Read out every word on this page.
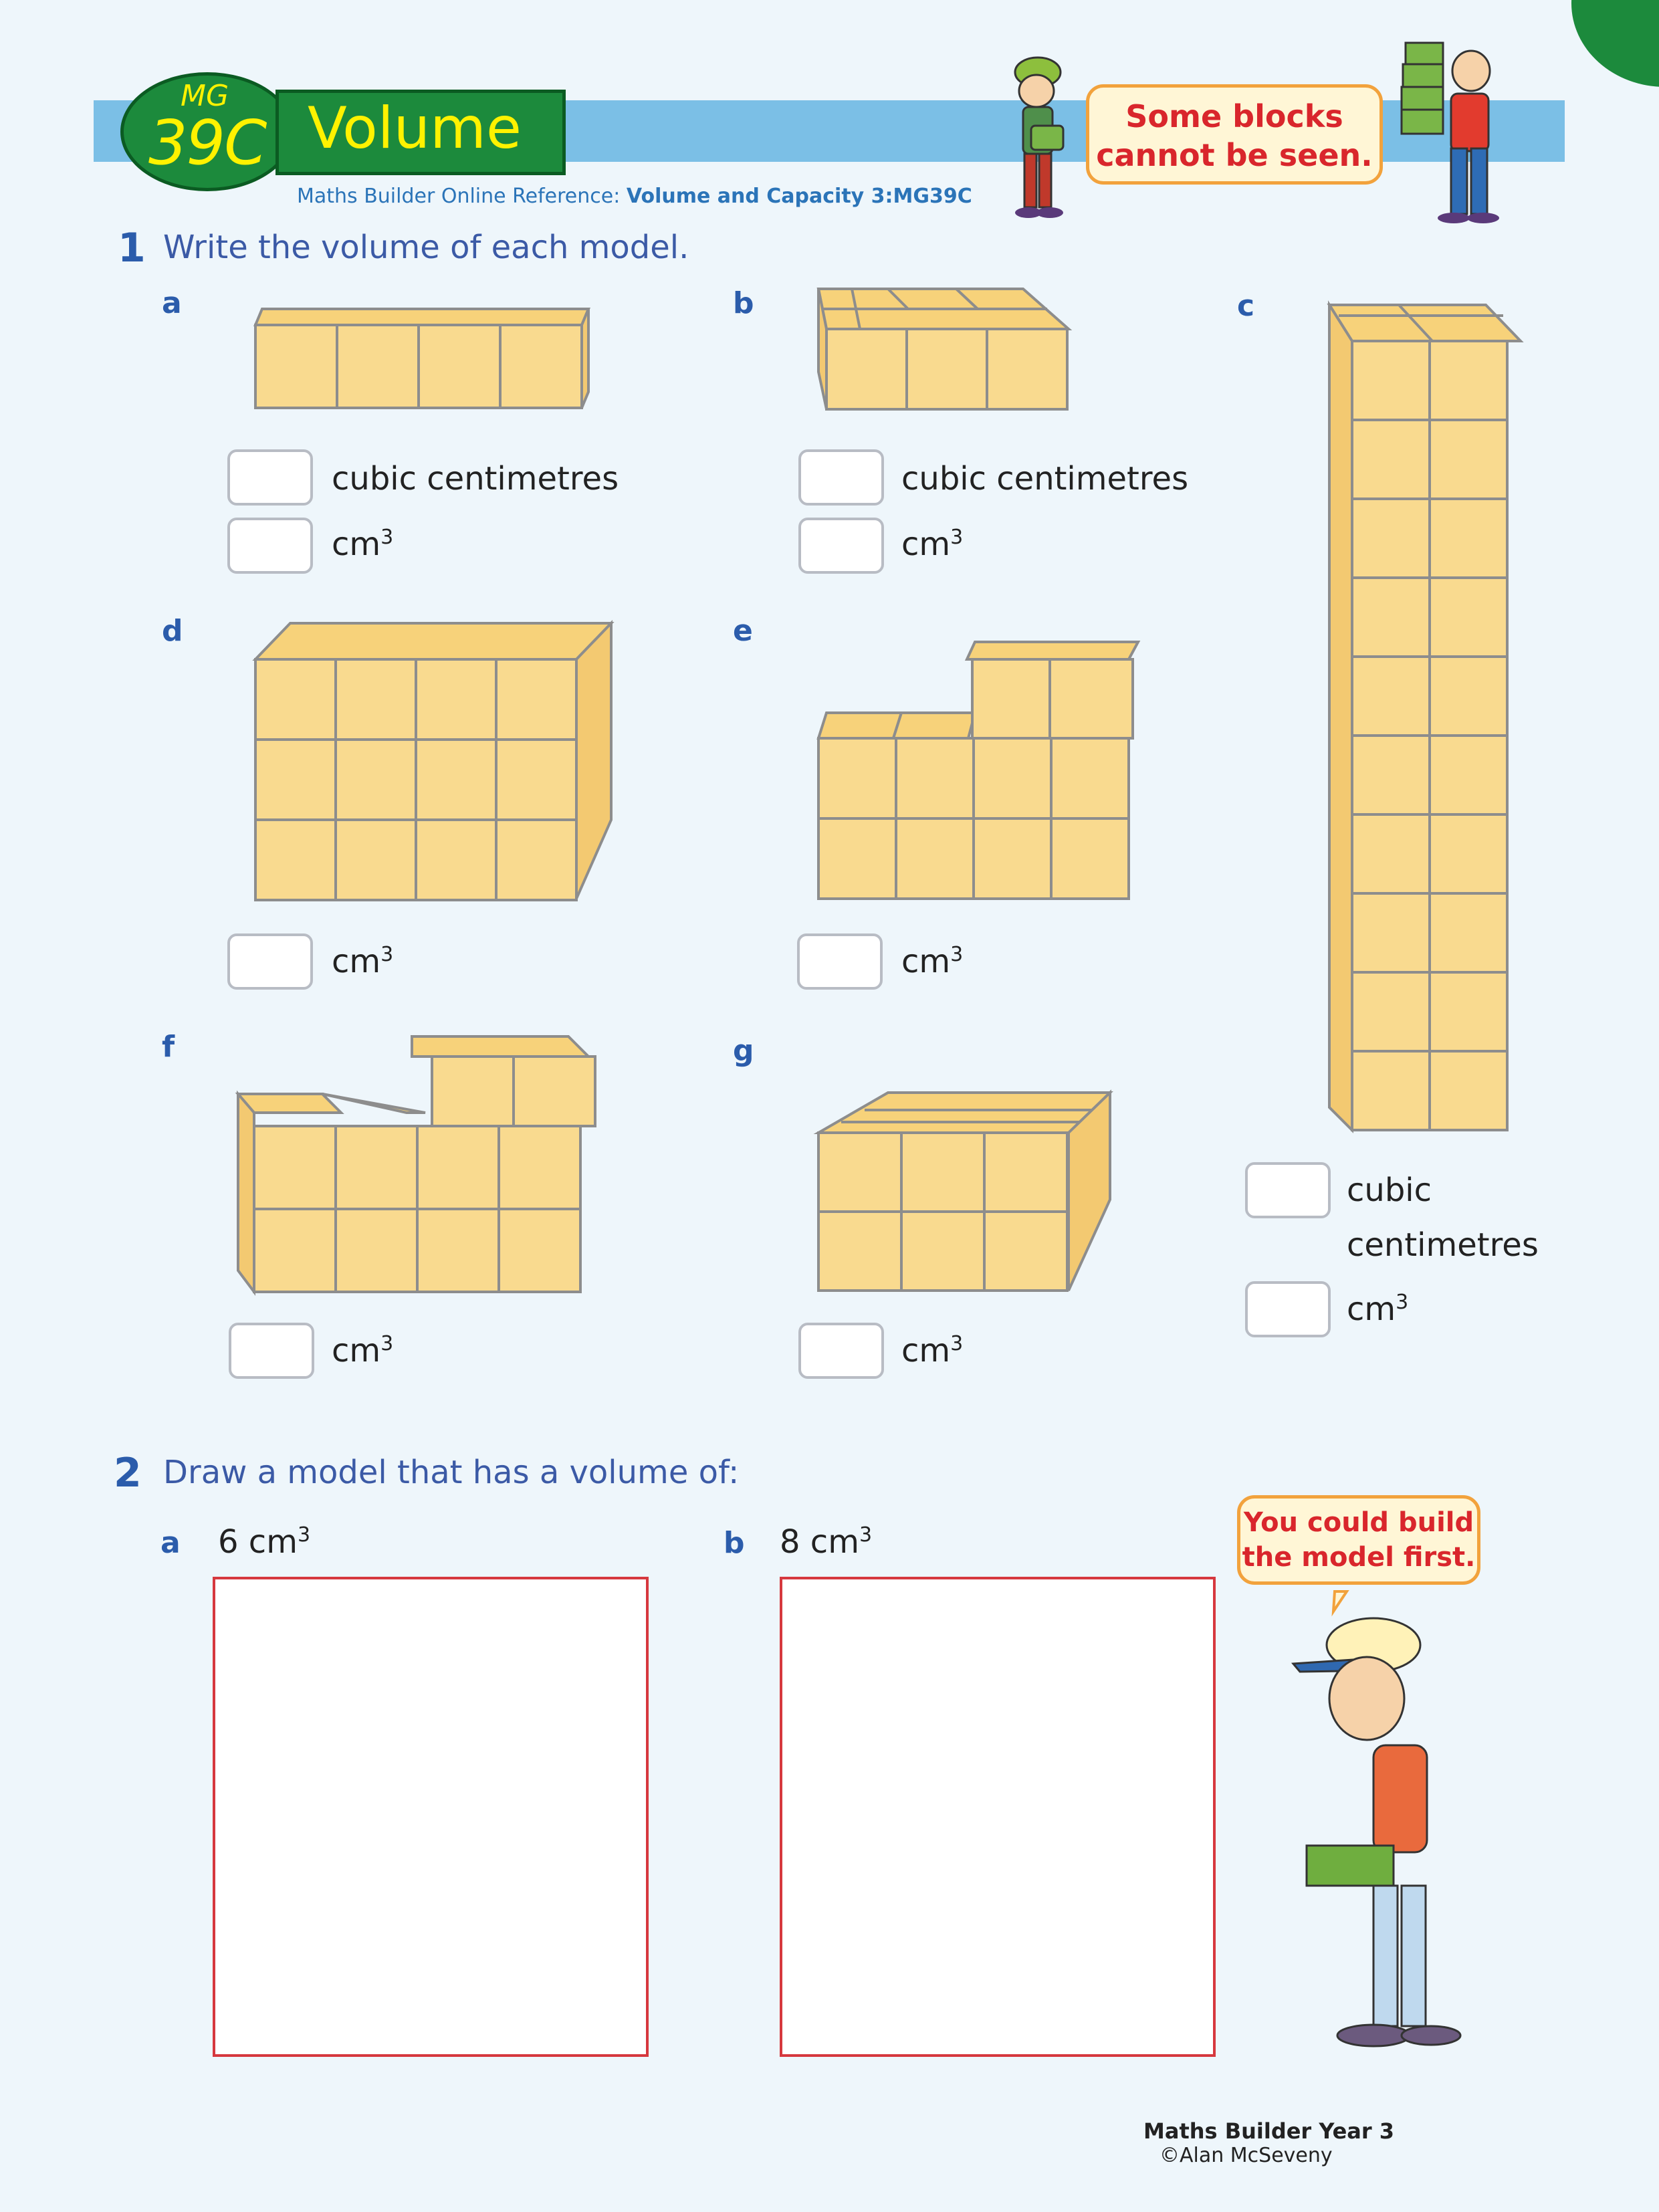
MG
39C Volume
Maths Builder Online Reference: Volume and Capacity 3:MG39C
Some blocks
cannot be seen.
1 Write the volume of each model.
a	b	c
d	e
f	g
cubic centimetres
$cm^3$
cubic centimetres
$cm^3$
cubic
centimetres
$cm^3$
$cm^3$	$cm^3$
$cm^3$	$cm^3$
2 Draw a model that has a volume of:
a 6 $cm^3$	b 8 $cm^3$	You could build
the model first.
Maths Builder Year 3
©Alan McSeveny
